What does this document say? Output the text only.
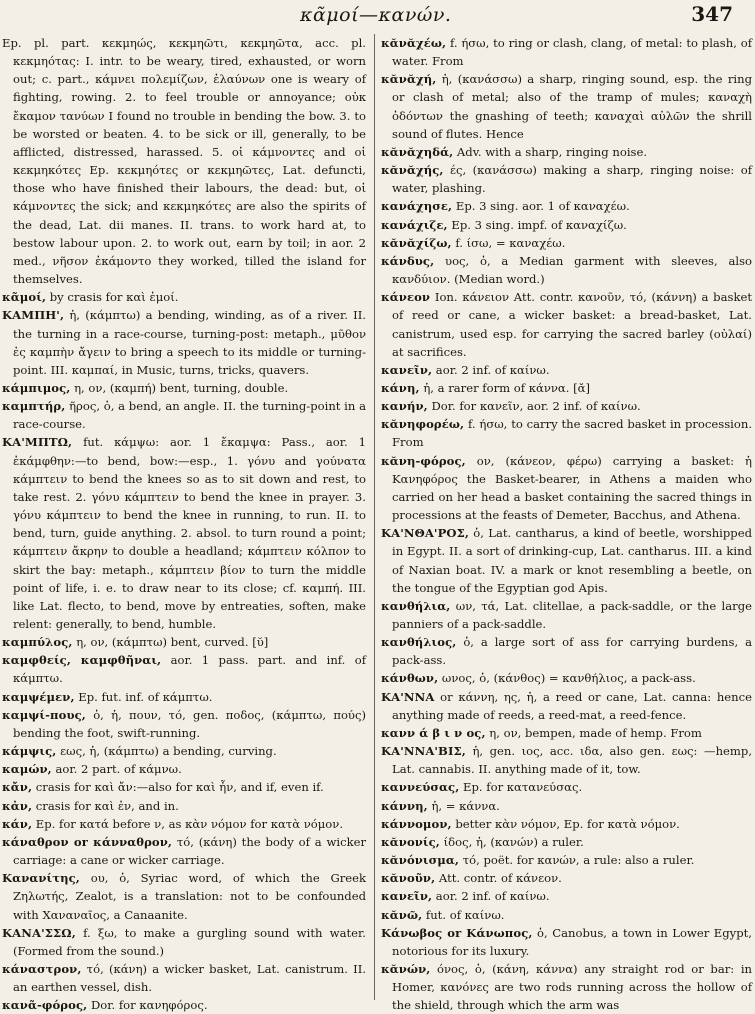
κᾶμοί—κανών.	347

Ep. pl. part. κεκμηώς, κεκμηῶτι, κεκμηῶτα, acc. pl. κεκμηότας: I. intr. to be weary, tired, exhausted, or worn out; c. part., κάμνει πολεμίζων, ἐλαύνων one is weary of fighting, rowing. 2. to feel trouble or annoyance; οὐκ ἔκαμον τανύων I found no trouble in bending the bow. 3. to be worsted or beaten. 4. to be sick or ill, generally, to be afflicted, distressed, harassed. 5. οἱ κάμνοντες and οἱ κεκμηκότες Ep. κεκμηότες or κεκμηῶτες, Lat. defuncti, those who have finished their labours, the dead: but, οἱ κάμνοντες the sick; and κεκμηκότες are also the spirits of the dead, Lat. dii manes. II. trans. to work hard at, to bestow labour upon. 2. to work out, earn by toil; in aor. 2 med., νῆσον ἐκάμοντο they worked, tilled the island for themselves.

κᾶμοί, by crasis for καὶ ἐμοί.

ΚΑΜΠΗ', ἡ, (κάμπτω) a bending, winding, as of a river. II. the turning in a race-course, turning-post: metaph., μῦθον ἐς καμπὴν ἄγειν to bring a speech to its middle or turning-point. III. καμπαί, in Music, turns, tricks, quavers.

κάμπιμος, η, ον, (καμπή) bent, turning, double.

καμπτήρ, ῆρος, ὁ, a bend, an angle. II. the turning-point in a race-course.

ΚΑ'ΜΠΤΩ, fut. κάμψω: aor. 1 ἔκαμψα: Pass., aor. 1 ἐκάμφθην:—to bend, bow:—esp., 1. γόνυ and γούνατα κάμπτειν to bend the knees so as to sit down and rest, to take rest. 2. γόνυ κάμπτειν to bend the knee in prayer. 3. γόνυ κάμπτειν to bend the knee in running, to run. II. to bend, turn, guide anything. 2. absol. to turn round a point; κάμπτειν ἄκρην to double a headland; κάμπτειν κόλπον to skirt the bay: metaph., κάμπτειν βίον to turn the middle point of life, i. e. to draw near to its close; cf. καμπή. III. like Lat. flecto, to bend, move by entreaties, soften, make relent: generally, to bend, humble.

καμπύλος, η, ον, (κάμπτω) bent, curved. [ῠ]

καμφθείς, καμφθῆναι, aor. 1 pass. part. and inf. of κάμπτω.

καμψέμεν, Ep. fut. inf. of κάμπτω.

καμψί-πους, ὁ, ἡ, πουν, τό, gen. ποδος, (κάμπτω, πούς) bending the foot, swift-running.

κάμψις, εως, ἡ, (κάμπτω) a bending, curving.

καμών, aor. 2 part. of κάμνω.

κἄν, crasis for καὶ ἄν:—also for καὶ ἦν, and if, even if.

κἀν, crasis for καὶ ἐν, and in.

κάν, Ep. for κατά before ν, as κὰν νόμον for κατὰ νόμον.

κάναθρον or κάνναθρον, τό, (κάνη) the body of a wicker carriage: a cane or wicker carriage.

Κανανίτης, ου, ὁ, Syriac word, of which the Greek Ζηλωτής, Zealot, is a translation: not to be confounded with Χαναναῖος, a Canaanite.

ΚΑΝΑ'ΣΣΩ, f. ξω, to make a gurgling sound with water. (Formed from the sound.)

κάναστρον, τό, (κάνη) a wicker basket, Lat. canistrum. II. an earthen vessel, dish.

κανᾶ-φόρος, Dor. for κανηφόρος.

κᾰνᾰχέω, f. ήσω, to ring or clash, clang, of metal: to plash, of water. From

κᾰνᾰχή, ἡ, (κανάσσω) a sharp, ringing sound, esp. the ring or clash of metal; also of the tramp of mules; καναχὴ ὀδόντων the gnashing of teeth; καναχαὶ αὐλῶν the shrill sound of flutes. Hence

κᾰνᾰχηδά, Adv. with a sharp, ringing noise.

κᾰνᾰχής, ές, (κανάσσω) making a sharp, ringing noise: of water, plashing.

κανάχησε, Ep. 3 sing. aor. 1 of καναχέω.

κανάχιζε, Ep. 3 sing. impf. of καναχίζω.

κᾰνᾰχίζω, f. ίσω, = καναχέω.

κάνδυς, υος, ὁ, a Median garment with sleeves, also κανδύιον. (Median word.)

κάνεον Ion. κάνειον Att. contr. κανοῦν, τό, (κάννη) a basket of reed or cane, a wicker basket: a bread-basket, Lat. canistrum, used esp. for carrying the sacred barley (οὐλαί) at sacrifices.

κανεῖν, aor. 2 inf. of καίνω.

κάνη, ἡ, a rarer form of κάννα. [ᾰ]

κανήν, Dor. for κανεῖν, aor. 2 inf. of καίνω.

κᾰνηφορέω, f. ήσω, to carry the sacred basket in procession. From

κᾰνη-φόρος, ον, (κάνεον, φέρω) carrying a basket: ἡ Κανηφόρος the Basket-bearer, in Athens a maiden who carried on her head a basket containing the sacred things in processions at the feasts of Demeter, Bacchus, and Athena.

ΚΑ'ΝΘΑ'ΡΟΣ, ὁ, Lat. cantharus, a kind of beetle, worshipped in Egypt. II. a sort of drinking-cup, Lat. cantharus. III. a kind of Naxian boat. IV. a mark or knot resembling a beetle, on the tongue of the Egyptian god Apis.

κανθήλια, ων, τά, Lat. clitellae, a pack-saddle, or the large panniers of a pack-saddle.

κανθήλιος, ὁ, a large sort of ass for carrying burdens, a pack-ass.

κάνθων, ωνος, ὁ, (κάνθος) = κανθήλιος, a pack-ass.

ΚΑ'ΝΝΑ or κάννη, ης, ἡ, a reed or cane, Lat. canna: hence anything made of reeds, a reed-mat, a reed-fence.

κανν ά β ι ν ος, η, ον, bempen, made of hemp. From

ΚΑ'ΝΝΑ'ΒΙΣ, ἡ, gen. ιος, acc. ιδα, also gen. εως: —hemp, Lat. cannabis. II. anything made of it, tow.

καννεύσας, Ep. for κατανεύσας.

κάννη, ἡ, = κάννα.

κάννομον, better κὰν νόμον, Ep. for κατὰ νόμον.

κᾰνονίς, ίδος, ἡ, (κανών) a ruler.

κᾰνόνισμα, τό, poët. for κανών, a rule: also a ruler.

κᾰνοῦν, Att. contr. of κάνεον.

κανεῖν, aor. 2 inf. of καίνω.

κᾰνῶ, fut. of καίνω.

Κάνωβος or Κάνωπος, ὁ, Canobus, a town in Lower Egypt, notorious for its luxury.

κᾰνών, όνος, ὁ, (κάνη, κάννα) any straight rod or bar: in Homer, κανόνες are two rods running across the hollow of the shield, through which the arm was
